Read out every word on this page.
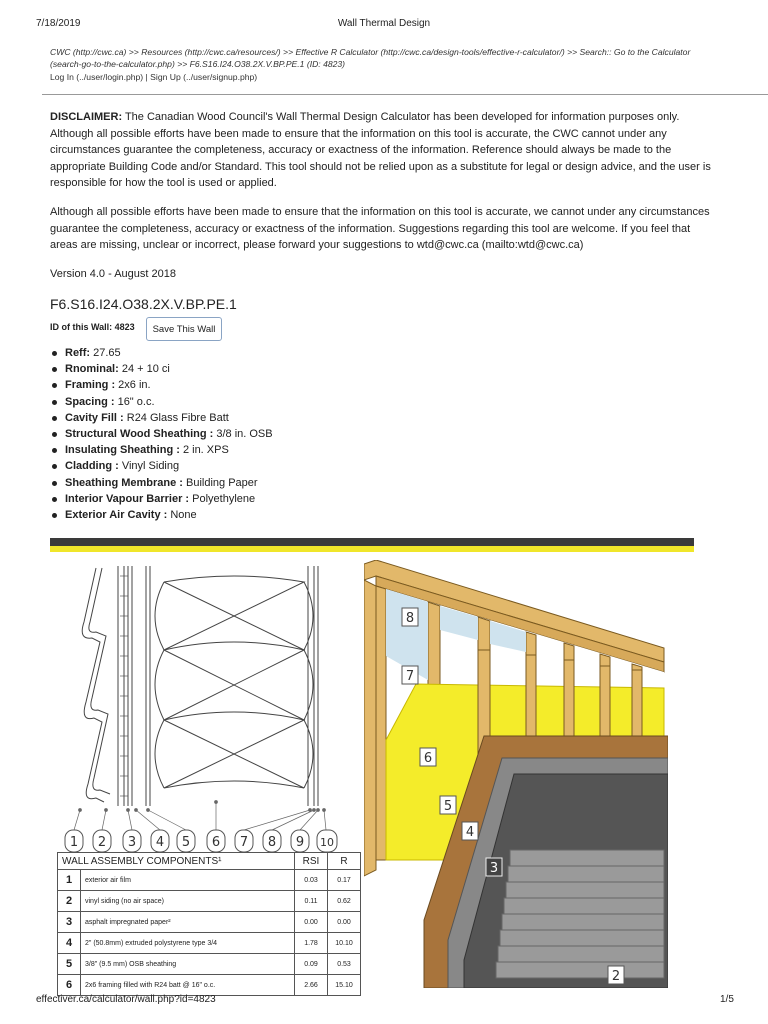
7/18/2019	Wall Thermal Design
CWC (http://cwc.ca) >> Resources (http://cwc.ca/resources/) >> Effective R Calculator (http://cwc.ca/design-tools/effective-r-calculator/) >> Search:: Go to the Calculator (search-go-to-the-calculator.php) >> F6.S16.I24.O38.2X.V.BP.PE.1 (ID: 4823)
Log In (../user/login.php) | Sign Up (../user/signup.php)
DISCLAIMER: The Canadian Wood Council's Wall Thermal Design Calculator has been developed for information purposes only. Although all possible efforts have been made to ensure that the information on this tool is accurate, the CWC cannot under any circumstances guarantee the completeness, accuracy or exactness of the information. Reference should always be made to the appropriate Building Code and/or Standard. This tool should not be relied upon as a substitute for legal or design advice, and the user is responsible for how the tool is used or applied.
Although all possible efforts have been made to ensure that the information on this tool is accurate, we cannot under any circumstances guarantee the completeness, accuracy or exactness of the information. Suggestions regarding this tool are welcome. If you feel that areas are missing, unclear or incorrect, please forward your suggestions to wtd@cwc.ca (mailto:wtd@cwc.ca)
Version 4.0 - August 2018
F6.S16.I24.O38.2X.V.BP.PE.1
ID of this Wall: 4823	Save This Wall
Reff: 27.65
Rnominal: 24 + 10 ci
Framing : 2x6 in.
Spacing : 16" o.c.
Cavity Fill : R24 Glass Fibre Batt
Structural Wood Sheathing : 3/8 in. OSB
Insulating Sheathing : 2 in. XPS
Cladding : Vinyl Siding
Sheathing Membrane : Building Paper
Interior Vapour Barrier : Polyethylene
Exterior Air Cavity : None
1 2 3 4 5 6 7 8 9 10
8
7
6
5
4
3
2
WALL ASSEMBLY COMPONENTS¹		RSI	R
1	exterior air film	0.03	0.17
2	vinyl siding (no air space)	0.11	0.62
3	asphalt impregnated paper²	0.00	0.00
4	2" (50.8mm) extruded polystyrene type 3/4	1.78	10.10
5	3/8" (9.5 mm) OSB sheathing	0.09	0.53
6	2x6 framing filled with R24 batt @ 16" o.c.	2.66	15.10
effectiver.ca/calculator/wall.php?id=4823	1/5
